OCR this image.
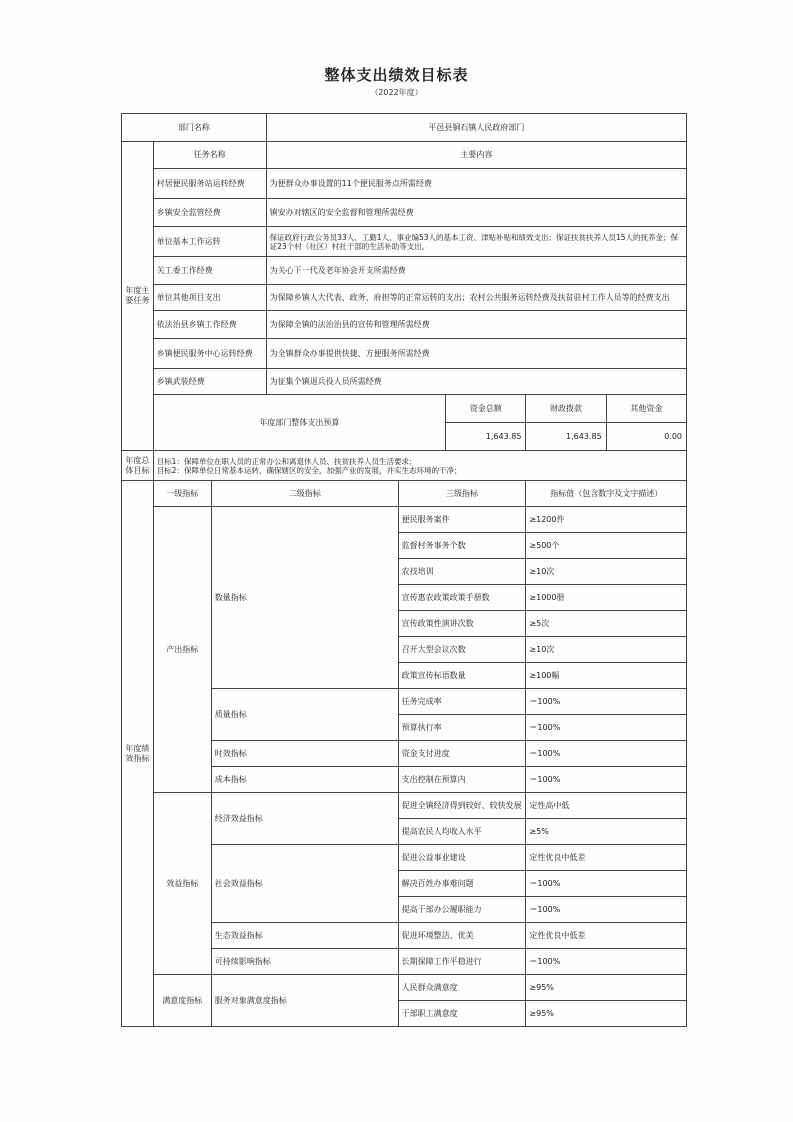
整体支出绩效目标表
（2022年度）
部门名称			平邑县铜石镇人民政府部门				
年度主要任务	任务名称		主要内容				
	村居便民服务站运转经费		为便群众办事设置的11个便民服务点所需经费				
	乡镇安全监管经费		镇安办对辖区的安全监督和管理所需经费				
	单位基本工作运转		保证政府行政公务员33人、工勤1人、事业编53人的基本工资、津贴补贴和绩效支出；保证扶贫扶养人员15人的抚养金；保证23个村（社区）村社干部的生活补助等支出。				
	关工委工作经费		为关心下一代及老年协会开支所需经费				
	单位其他项目支出		为保障乡镇人大代表、政务、府担等的正常运转的支出；农村公共服务运转经费及扶贫驻村工作人员等的经费支出				
	依法治县乡镇工作经费		为保障全镇的法治治县的宣传和管理所需经费				
	乡镇便民服务中心运转经费		为全镇群众办事提供快捷、方便服务所需经费				
	乡镇武装经费		为征集个镇退兵役人员所需经费				
	年度部门整体支出预算				资金总额	财政拨款	其他资金
					1,643.85	1,643.85	0.00
年度总体目标	目标1：保障单位在职人员的正常办公和离退休人员、扶贫扶养人员生活要求；
目标2：保障单位日常基本运转，确保辖区的安全，加强产业的发展，并实生态环境的干净；						

年度绩效指标	一级指标	二级指标		三级指标		指标值（包含数字及文字描述）	
	产出指标	数量指标		便民服务案件		≥1200件	
				监督村务事务个数		≥500个	
				农技培训		≥10次	
				宣传惠农政策政策手册数		≥1000册	
				宣传政策性演讲次数		≥5次	
				召开大型会议次数		≥10次	
				政策宣传标语数量		≥100幅	
		质量指标		任务完成率		＝100%	
				预算执行率		＝100%	
		时效指标		资金支付进度		＝100%	
		成本指标		支出控制在预算内		＝100%	
	效益指标	经济效益指标		促进全镇经济得到较好、较快发展		定性高中低	
				提高农民人均收入水平		≥5%	
		社会效益指标		促进公益事业建设		定性优良中低差	
				解决百姓办事难问题		＝100%	
				提高干部办公履职能力		＝100%	
		生态效益指标		促进环境整洁、优美		定性优良中低差	
		可持续影响指标		长期保障工作平稳进行		＝100%	
	满意度指标	服务对象满意度指标		人民群众满意度		≥95%	
				干部职工满意度		≥95%	
